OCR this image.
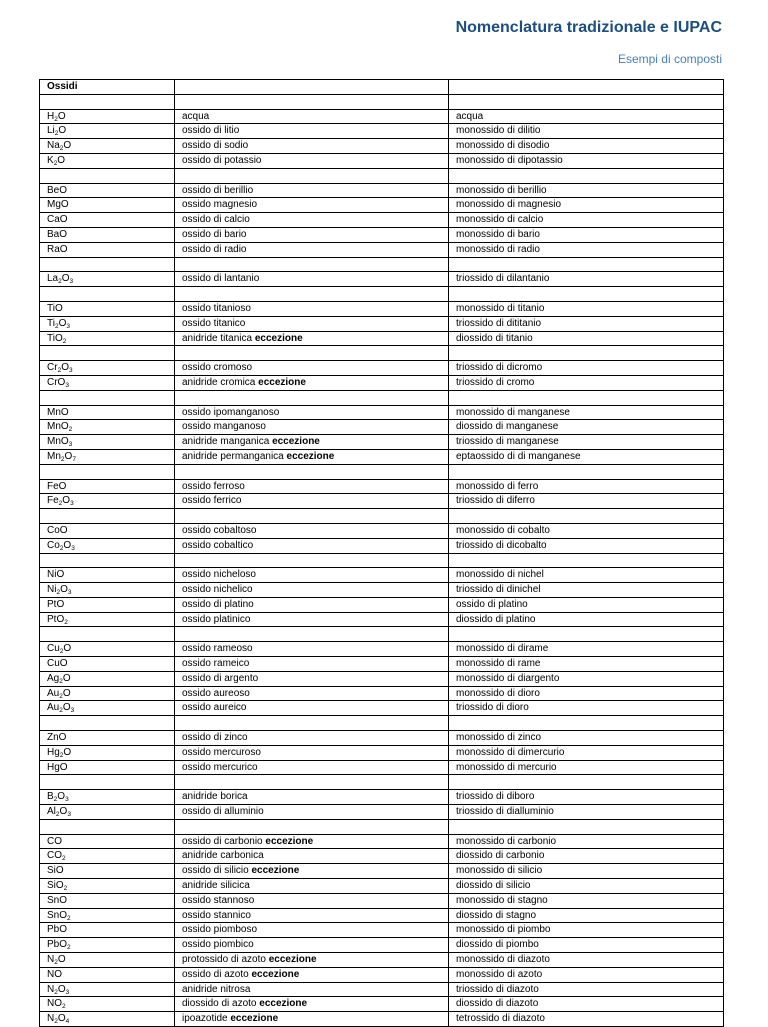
Nomenclatura tradizionale e IUPAC
Esempi di composti
Ossidi		

$H_2O$	acqua	acqua
$Li_2O$	ossido di litio	monossido di dilitio
$Na_2O$	ossido di sodio	monossido di disodio
$K_2O$	ossido di potassio	monossido di dipotassio

BeO	ossido di berillio	monossido di berillio
MgO	ossido magnesio	monossido di magnesio
CaO	ossido di calcio	monossido di calcio
BaO	ossido di bario	monossido di bario
RaO	ossido di radio	monossido di radio

$La_2O_3$	ossido di lantanio	triossido di dilantanio

TiO	ossido titanioso	monossido di titanio
$Ti_2O_3$	ossido titanico	triossido di dititanio
TiO$_2$	anidride titanica eccezione	diossido di titanio

$Cr_2O_3$	ossido cromoso	triossido di dicromo
CrO$_3$	anidride cromica eccezione	triossido di cromo

MnO	ossido ipomanganoso	monossido di manganese
MnO$_2$	ossido manganoso	diossido di manganese
MnO$_3$	anidride manganica eccezione	triossido di manganese
$Mn_2O_7$	anidride permanganica eccezione	eptaossido di di manganese

FeO	ossido ferroso	monossido di ferro
$Fe_2O_3$	ossido ferrico	triossido di diferro

CoO	ossido cobaltoso	monossido di cobalto
$Co_2O_3$	ossido cobaltico	triossido di dicobalto

NiO	ossido nicheloso	monossido di nichel
$Ni_2O_3$	ossido nichelico	triossido di dinichel
PtO	ossido di platino	ossido di platino
PtO$_2$	ossido platinico	diossido di platino

$Cu_2O$	ossido rameoso	monossido di dirame
CuO	ossido rameico	monossido di rame
$Ag_2O$	ossido di argento	monossido di diargento
$Au_2O$	ossido aureoso	monossido di dioro
$Au_2O_3$	ossido aureico	triossido di dioro

ZnO	ossido di zinco	monossido di zinco
$Hg_2O$	ossido mercuroso	monossido di dimercurio
HgO	ossido mercurico	monossido di mercurio

$B_2O_3$	anidride borica	triossido di diboro
$Al_2O_3$	ossido di alluminio	triossido di dialluminio

CO	ossido di carbonio eccezione	monossido di carbonio
$CO_2$	anidride carbonica	diossido di carbonio
SiO	ossido di silicio eccezione	monossido di silicio
SiO$_2$	anidride silicica	diossido di silicio
SnO	ossido stannoso	monossido di stagno
SnO$_2$	ossido stannico	diossido di stagno
PbO	ossido piomboso	monossido di piombo
PbO$_2$	ossido piombico	diossido di piombo
$N_2O$	protossido di azoto eccezione	monossido di diazoto
NO	ossido di azoto eccezione	monossido di azoto
$N_2O_3$	anidride nitrosa	triossido di diazoto
$NO_2$	diossido di azoto eccezione	diossido di diazoto
$N_2O_4$	ipoazotide eccezione	tetrossido di diazoto
